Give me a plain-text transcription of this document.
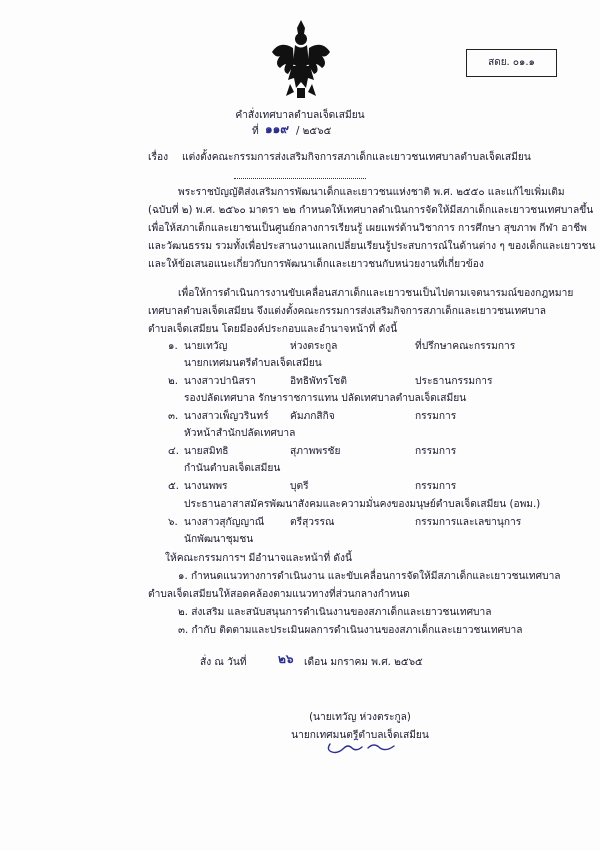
สดย. ๐๑.๑
คำสั่งเทศบาลตำบลเจ็ดเสมียน
ที่ ๑๑๙ / ๒๕๖๕
เรื่อง แต่งตั้งคณะกรรมการส่งเสริมกิจการสภาเด็กและเยาวชนเทศบาลตำบลเจ็ดเสมียน
พระราชบัญญัติส่งเสริมการพัฒนาเด็กและเยาวชนแห่งชาติ พ.ศ. ๒๕๕๐ และแก้ไขเพิ่มเติม
(ฉบับที่ ๒) พ.ศ. ๒๕๖๐ มาตรา ๒๒ กำหนดให้เทศบาลดำเนินการจัดให้มีสภาเด็กและเยาวชนเทศบาลขึ้น
เพื่อให้สภาเด็กและเยาชนเป็นศูนย์กลางการเรียนรู้ เผยแพร่ด้านวิชาการ การศึกษา สุขภาพ กีฬา อาชีพ
และวัฒนธรรม รวมทั้งเพื่อประสานงานแลกเปลี่ยนเรียนรู้ประสบการณ์ในด้านต่าง ๆ ของเด็กและเยาวชน
และให้ข้อเสนอแนะเกี่ยวกับการพัฒนาเด็กและเยาวชนกับหน่วยงานที่เกี่ยวข้อง
เพื่อให้การดำเนินการงานขับเคลื่อนสภาเด็กและเยาวชนเป็นไปตามเจตนารมณ์ของกฎหมาย
เทศบาลตำบลเจ็ดเสมียน จึงแต่งตั้งคณะกรรมการส่งเสริมกิจการสภาเด็กและเยาวชนเทศบาล
ตำบลเจ็ดเสมียน โดยมีองค์ประกอบและอำนาจหน้าที่ ดังนี้
๑. นายเทวัญ	ห่วงตระกูล	ที่ปรึกษาคณะกรรมการ
นายกเทศมนตรีตำบลเจ็ดเสมียน
๒. นางสาวปานิสรา	อิทธิพัทรโชติ	ประธานกรรมการ
รองปลัดเทศบาล รักษาราชการแทน ปลัดเทศบาลตำบลเจ็ดเสมียน
๓. นางสาวเพ็ญวรินทร์ คัมภกสิกิจ	กรรมการ
หัวหน้าสำนักปลัดเทศบาล
๔. นายสมิทธิ	สุภาพพรชัย	กรรมการ
กำนันตำบลเจ็ดเสมียน
๕. นางนพพร	บุตรี	กรรมการ
ประธานอาสาสมัครพัฒนาสังคมและความมั่นคงของมนุษย์ตำบลเจ็ดเสมียน (อพม.)
๖. นางสาวสุกัญญาณี	ตรีสุวรรณ	กรรมการและเลขานุการ
นักพัฒนาชุมชน
ให้คณะกรรมการฯ มีอำนาจและหน้าที่ ดังนี้
๑. กำหนดแนวทางการดำเนินงาน และขับเคลื่อนการจัดให้มีสภาเด็กและเยาวชนเทศบาล
ตำบลเจ็ดเสมียนให้สอดคล้องตามแนวทางที่ส่วนกลางกำหนด
๒. ส่งเสริม และสนับสนุนการดำเนินงานของสภาเด็กและเยาวชนเทศบาล
๓. กำกับ ติดตามและประเมินผลการดำเนินงานของสภาเด็กและเยาวชนเทศบาล
สั่ง ณ วันที่	๒๖ เดือน มกราคม พ.ศ. ๒๕๖๕
(นายเทวัญ ห่วงตระกูล)
นายกเทศมนตรีตำบลเจ็ดเสมียน
